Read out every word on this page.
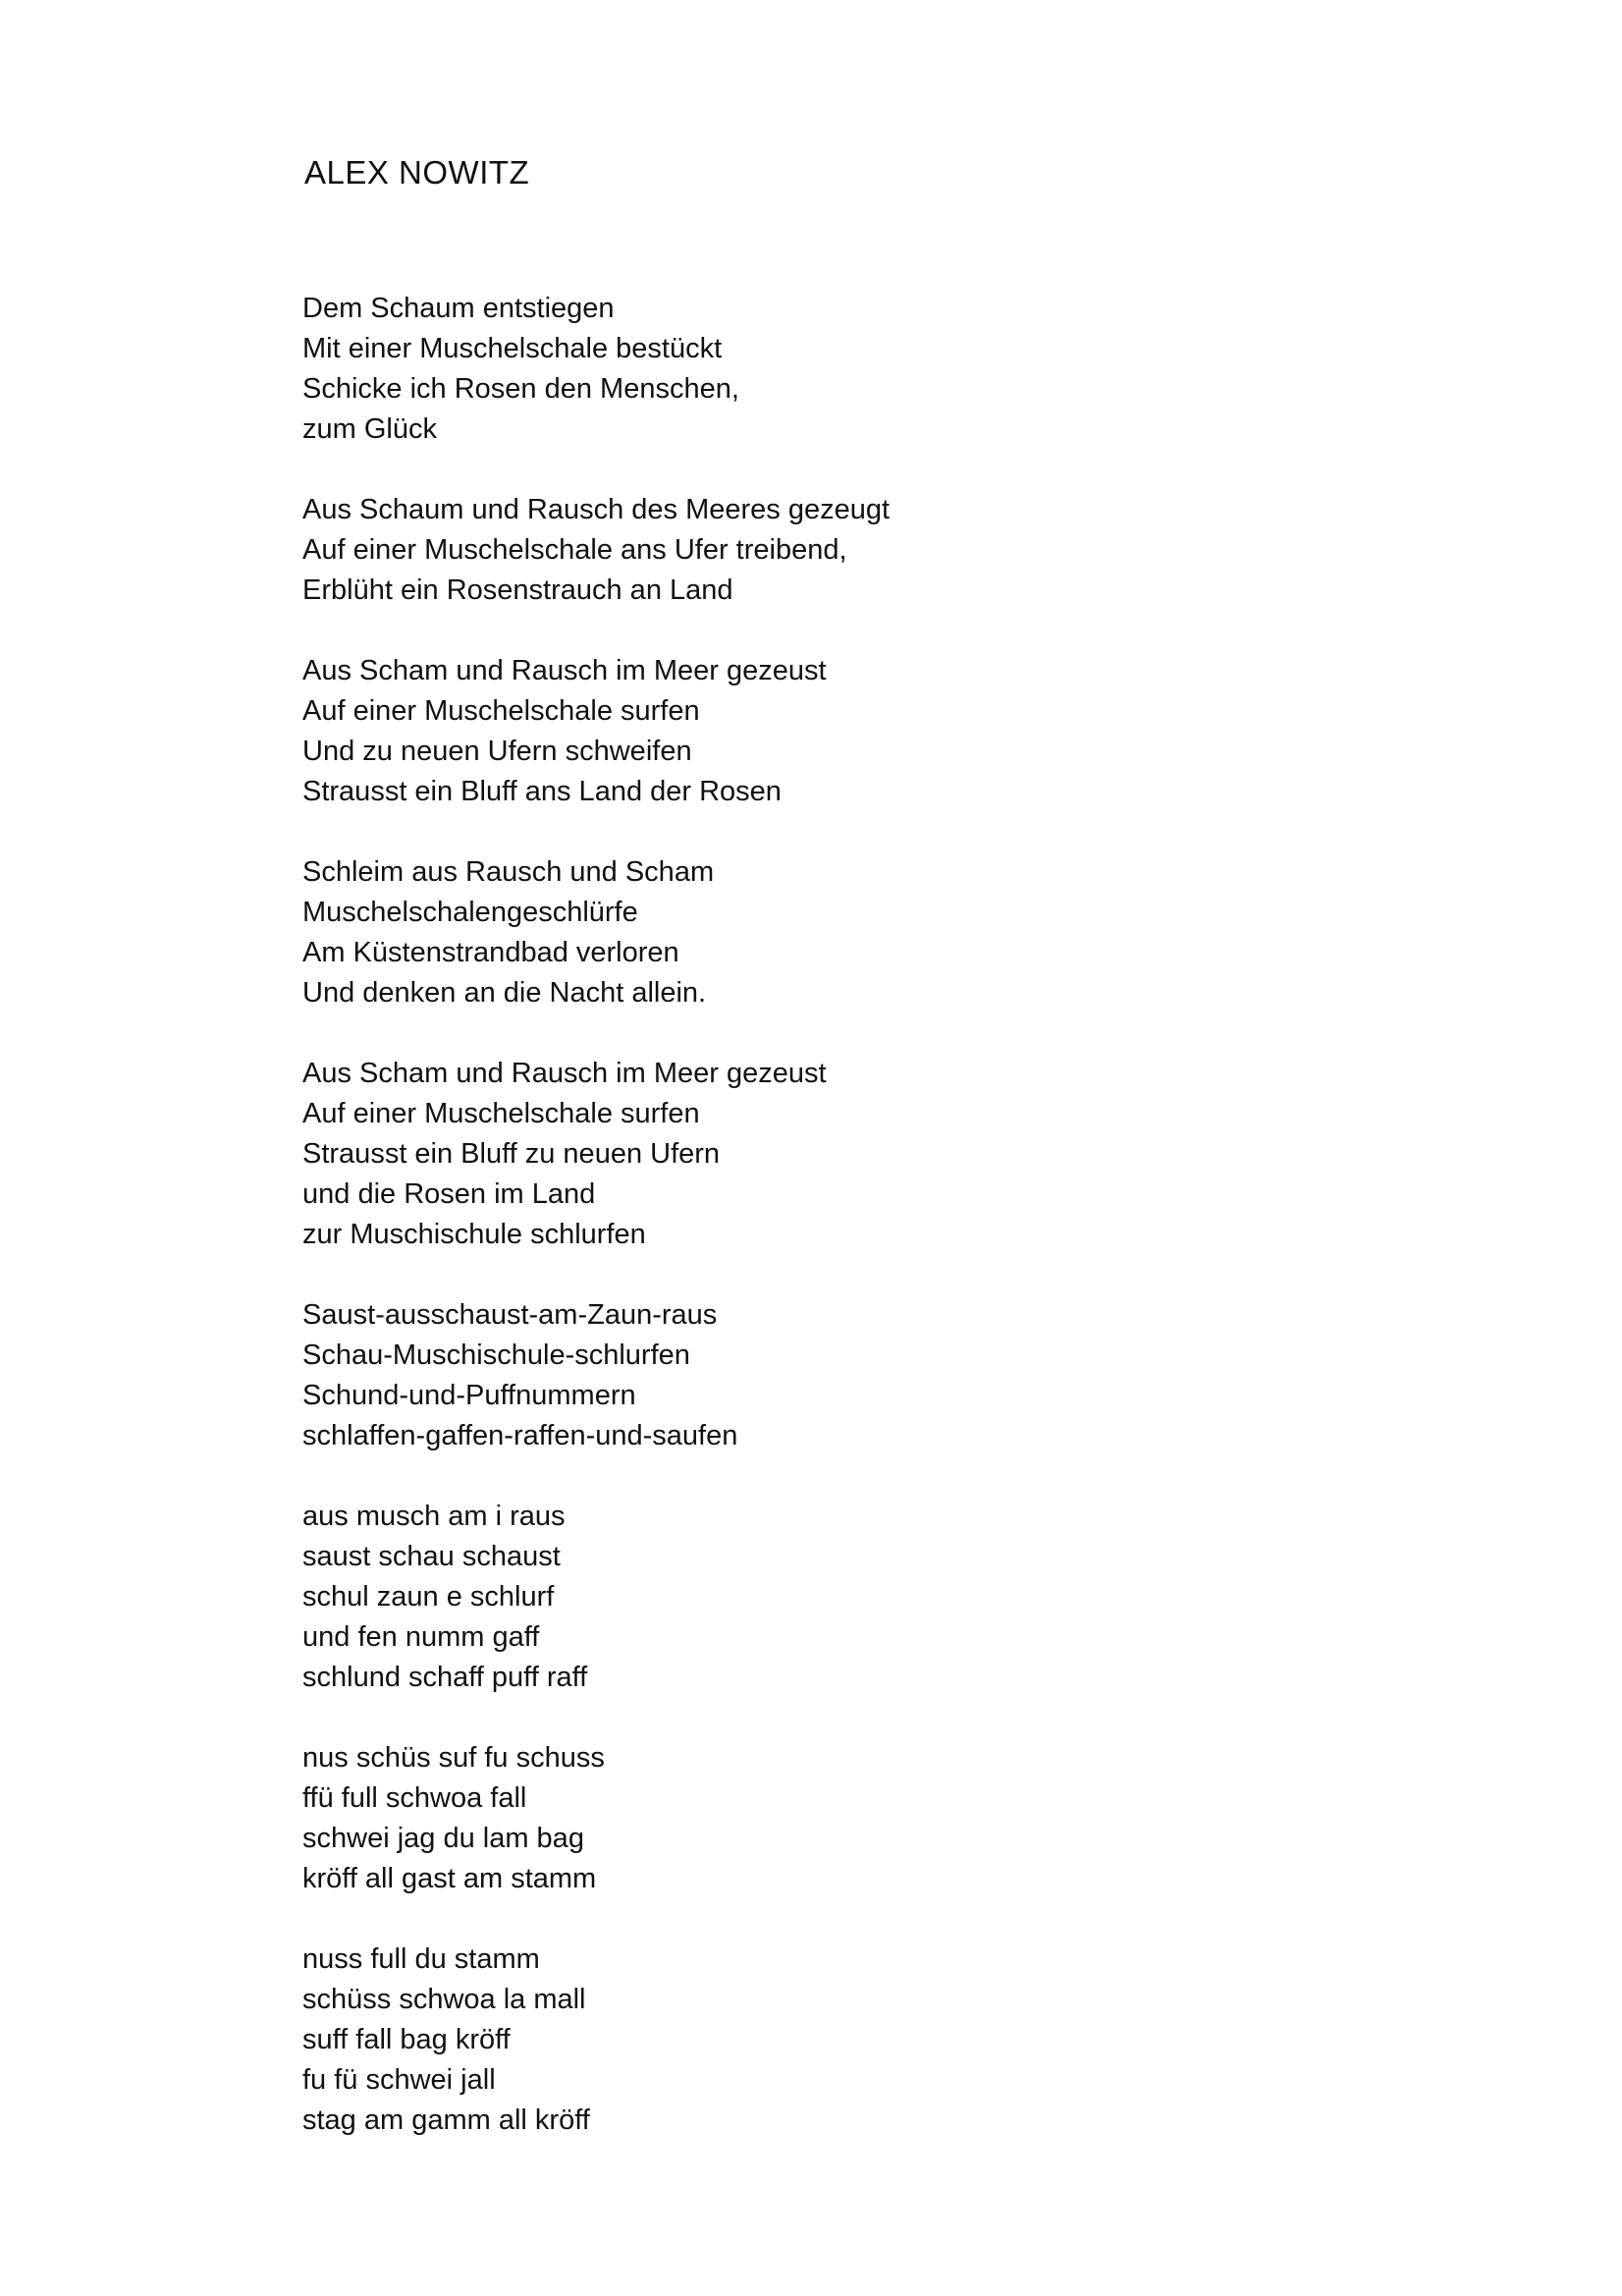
ALEX NOWITZ
Dem Schaum entstiegen
Mit einer Muschelschale bestückt
Schicke ich Rosen den Menschen,
zum Glück
Aus Schaum und Rausch des Meeres gezeugt
Auf einer Muschelschale ans Ufer treibend,
Erblüht ein Rosenstrauch an Land
Aus Scham und Rausch im Meer gezeust
Auf einer Muschelschale surfen
Und zu neuen Ufern schweifen
Strausst ein Bluff ans Land der Rosen
Schleim aus Rausch und Scham
Muschelschalengeschlürfe
Am Küstenstrandbad verloren
Und denken an die Nacht allein.
Aus Scham und Rausch im Meer gezeust
Auf einer Muschelschale surfen
Strausst ein Bluff zu neuen Ufern
und die Rosen im Land
zur Muschischule schlurfen
Saust-ausschaust-am-Zaun-raus
Schau-Muschischule-schlurfen
Schund-und-Puffnummern
schlaffen-gaffen-raffen-und-saufen
aus musch am i raus
saust schau schaust
schul zaun e schlurf
und fen numm gaff
schlund schaff puff raff
nus schüs suf fu schuss
ffü full schwoa fall
schwei jag du lam bag
kröff all gast am stamm
nuss full du stamm
schüss schwoa la mall
suff fall bag kröff
fu fü schwei jall
stag am gamm all kröff
